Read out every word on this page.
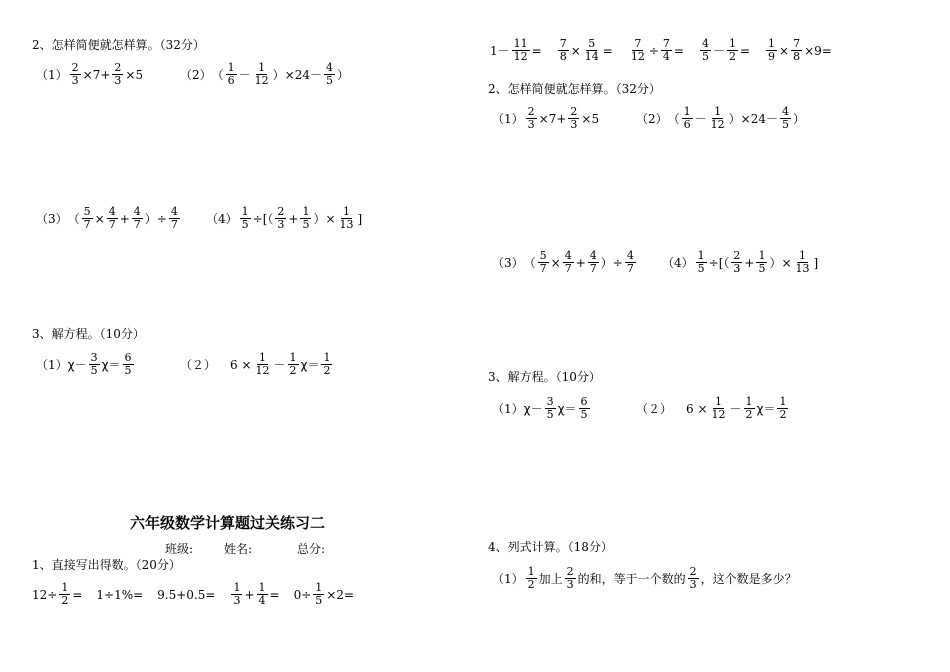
2、怎样简便就怎样算。（32分）
$(1) \frac{2}{3} \times 7+ \frac{2}{3} \times 5$	（2） （ $\frac{1}{6} - \frac{1}{12} )\times 24- \frac{4}{5}$ ）
（3） （ $\frac{5}{7} \times \frac{4}{7} + \frac{4}{7}$ ）÷ $\frac{4}{7} (4) \frac{1}{5}$ ÷[（ $\frac{2}{3} + \frac{1}{5}$ ）× $\frac{1}{13}$ ]
3、解方程。（10分）
（1） $\chi- \frac{3}{5} \chi= \frac{6}{5}$	（２） $6 \times \frac{1}{12} - \frac{1}{2} \chi= \frac{1}{2}$
六年级数学计算题过关练习二
班级:	姓名:	总分:
1、直接写出得数。（20分）
$12\div \frac{1}{2} = 1\div 1\%= 9.5+0.5= \frac{1}{3} + \frac{1}{4} = 0\div \frac{1}{5} \times 2=$
$1- \frac{11}{12} = \frac{7}{8} \times \frac{5}{14} = \frac{7}{12} \div \frac{7}{4} = \frac{4}{5} - \frac{1}{2} = \frac{1}{9} \times \frac{7}{8} \times 9=$
2、怎样简便就怎样算。（32分）
$(1) \frac{2}{3} \times 7+ \frac{2}{3} \times 5$	（2） （ $\frac{1}{6} - \frac{1}{12} )\times 24- \frac{4}{5}$ ）
（3） （ $\frac{5}{7} \times \frac{4}{7} + \frac{4}{7}$ ）÷ $\frac{4}{7} (4) \frac{1}{5}$ ÷[（ $\frac{2}{3} + \frac{1}{5}$ ）× $\frac{1}{13}$ ]
3、解方程。（10分）
（1） $\chi- \frac{3}{5} \chi= \frac{6}{5}$	（２） $6 \times \frac{1}{12} - \frac{1}{2} \chi= \frac{1}{2}$
4、列式计算。（18分）
$(1) \frac{1}{2}$ 加上 $\frac{2}{3}$ 的和，等于一个数的 $\frac{2}{3}$ ，这个数是多少？
